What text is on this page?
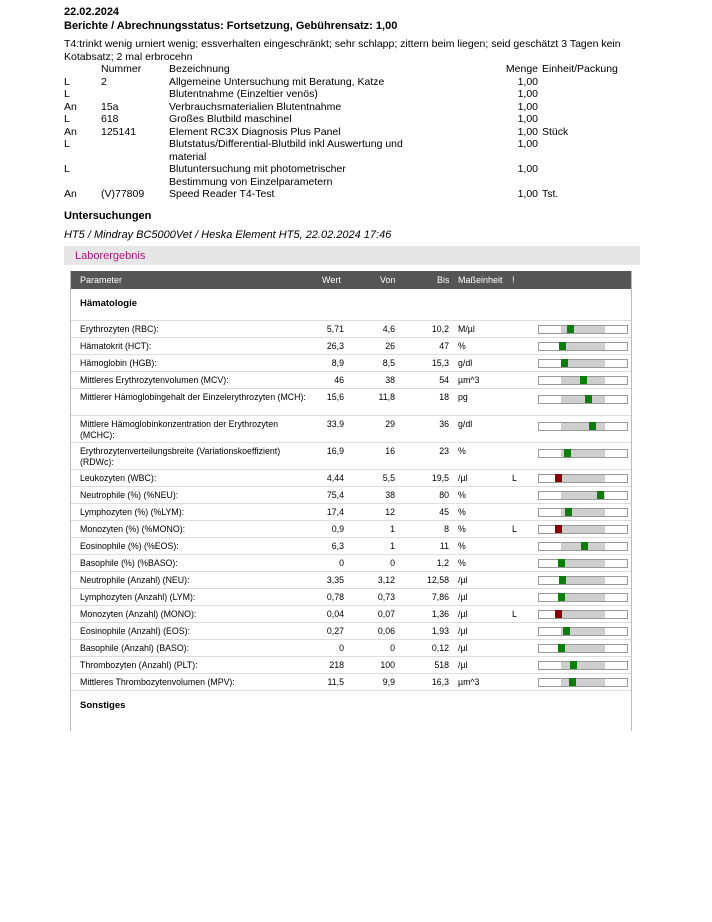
22.02.2024
Berichte / Abrechnungsstatus: Fortsetzung, Gebührensatz: 1,00
T4:trinkt wenig urniert wenig; essverhalten eingeschränkt; sehr schlapp; zittern beim liegen; seid geschätzt 3 Tagen kein Kotabsatz; 2 mal erbrocehn
	Nummer	Bezeichnung	Menge	Einheit/Packung
L	2	Allgemeine Untersuchung mit Beratung, Katze	1,00	
L		Blutentnahme (Einzeltier venös)	1,00	
An	15a	Verbrauchsmaterialien Blutentnahme	1,00	
L	618	Großes Blutbild maschinel	1,00	
An	125141	Element RC3X Diagnosis Plus Panel	1,00	Stück
L		Blutstatus/Differential-Blutbild inkl Auswertung und material	1,00	
L		Blutuntersuchung mit photometrischer Bestimmung von Einzelparametern	1,00	
An	(V)77809	Speed Reader T4-Test	1,00	Tst.
Untersuchungen
HT5 / Mindray BC5000Vet / Heska Element HT5, 22.02.2024 17:46
Laborergebnis
Parameter	Wert	Von	Bis Maßeinheit !
Hämatologie
Erythrozyten (RBC):	5,71	4,6	10,2 M/µl
Hämatokrit (HCT):	26,3	26	47 %
Hämoglobin (HGB):	8,9	8,5	15,3 g/dl
Mittleres Erythrozytenvolumen (MCV):	46	38	54 µm^3
Mittlerer Hämoglobingehalt der Einzelerythrozyten (MCH):	15,6	11,8	18 pg
Mittlere Hämoglobinkonzentration der Erythrozyten (MCHC):
33,9	29	36 g/dl
Erythrozytenverteilungsbreite (Variationskoeffizient) (RDWc):
16,9	16	23 %
Leukozyten (WBC):	4,44	5,5	19,5 /µl	L
Neutrophile (%) (%NEU):	75,4	38	80 %
Lymphozyten (%) (%LYM):	17,4	12	45 %
Monozyten (%) (%MONO):	0,9	1	8 %	L
Eosinophile (%) (%EOS):	6,3	1	11 %
Basophile (%) (%BASO):	0	0	1,2 %
Neutrophile (Anzahl) (NEU):	3,35	3,12	12,58 /µl
Lymphozyten (Anzahl) (LYM):	0,78	0,73	7,86 /µl
Monozyten (Anzahl) (MONO):	0,04	0,07	1,36 /µl	L
Eosinophile (Anzahl) (EOS):	0,27	0,06	1,93 /µl
Basophile (Anzahl) (BASO):	0	0	0,12 /µl
Thrombozyten (Anzahl) (PLT):	218	100	518 /µl
Mittleres Thrombozytenvolumen (MPV):	11,5	9,9	16,3 µm^3
Sonstiges
